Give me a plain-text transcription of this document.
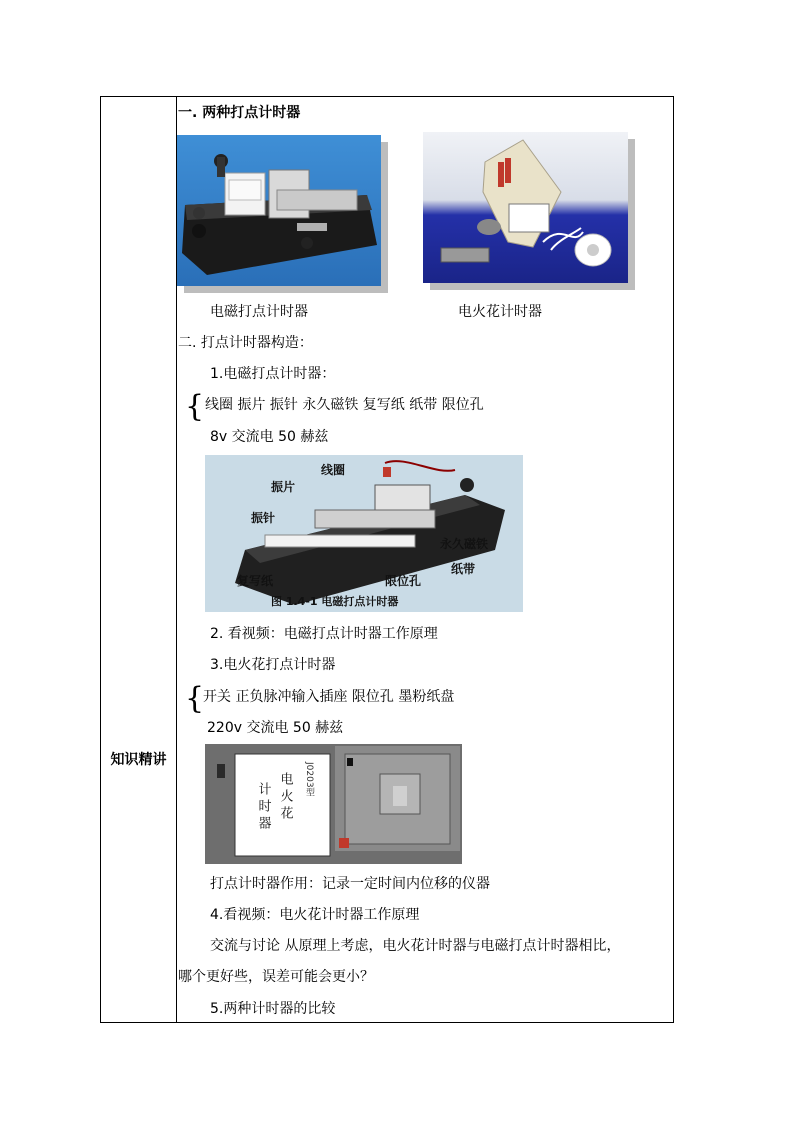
知识精讲
一. 两种打点计时器
电磁打点计时器	电火花计时器
二. 打点计时器构造：
1.电磁打点计时器：
{ 线圈 振片 振针 永久磁铁 复写纸 纸带 限位孔
8v 交流电 50 赫兹
线圈
振片
振针
永久磁铁
纸带
复写纸	限位孔
图 1.4-1 电磁打点计时器
2. 看视频：电磁打点计时器工作原理
3.电火花打点计时器
{
开关 正负脉冲输入插座 限位孔 墨粉纸盘
220v 交流电 50 赫兹
计 时 器 电 火 花 J0203型
打点计时器作用：记录一定时间内位移的仪器
4.看视频：电火花计时器工作原理
交流与讨论 从原理上考虑，电火花计时器与电磁打点计时器相比，
哪个更好些，误差可能会更小？
5.两种计时器的比较
